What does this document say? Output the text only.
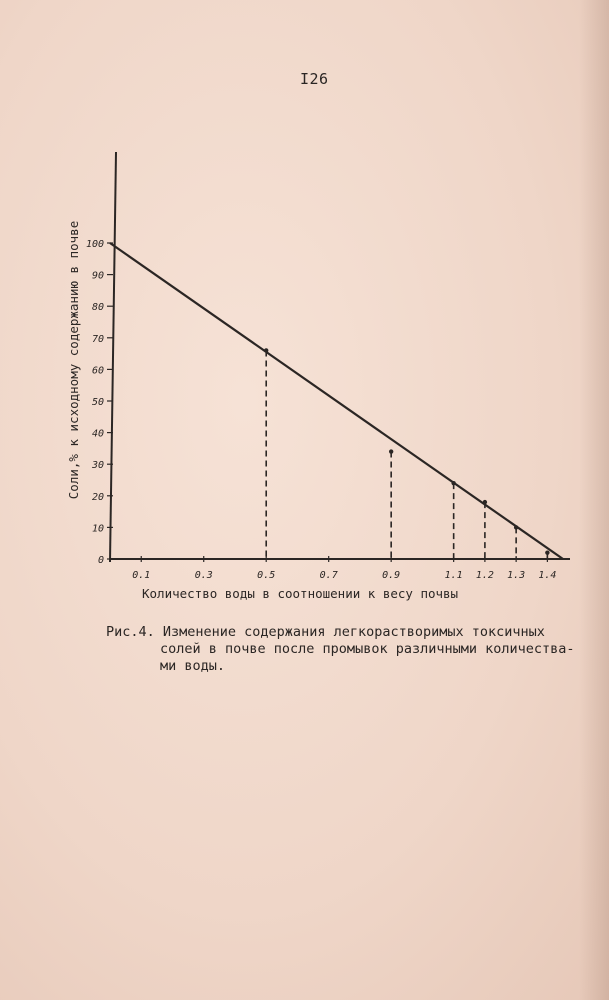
I26
0
10
20
30
40
50
60
70
80
90
100
0.1	0.3	0.5	0.7	0.9	1.1 1.2 1.3 1.4
Количество воды в соотношении к весу почвы
Соли,% к исходному содержанию в почве
Рис.4. Изменение содержания легкорастворимых токсичных
солей в почве после промывок различными количества-
ми воды.
